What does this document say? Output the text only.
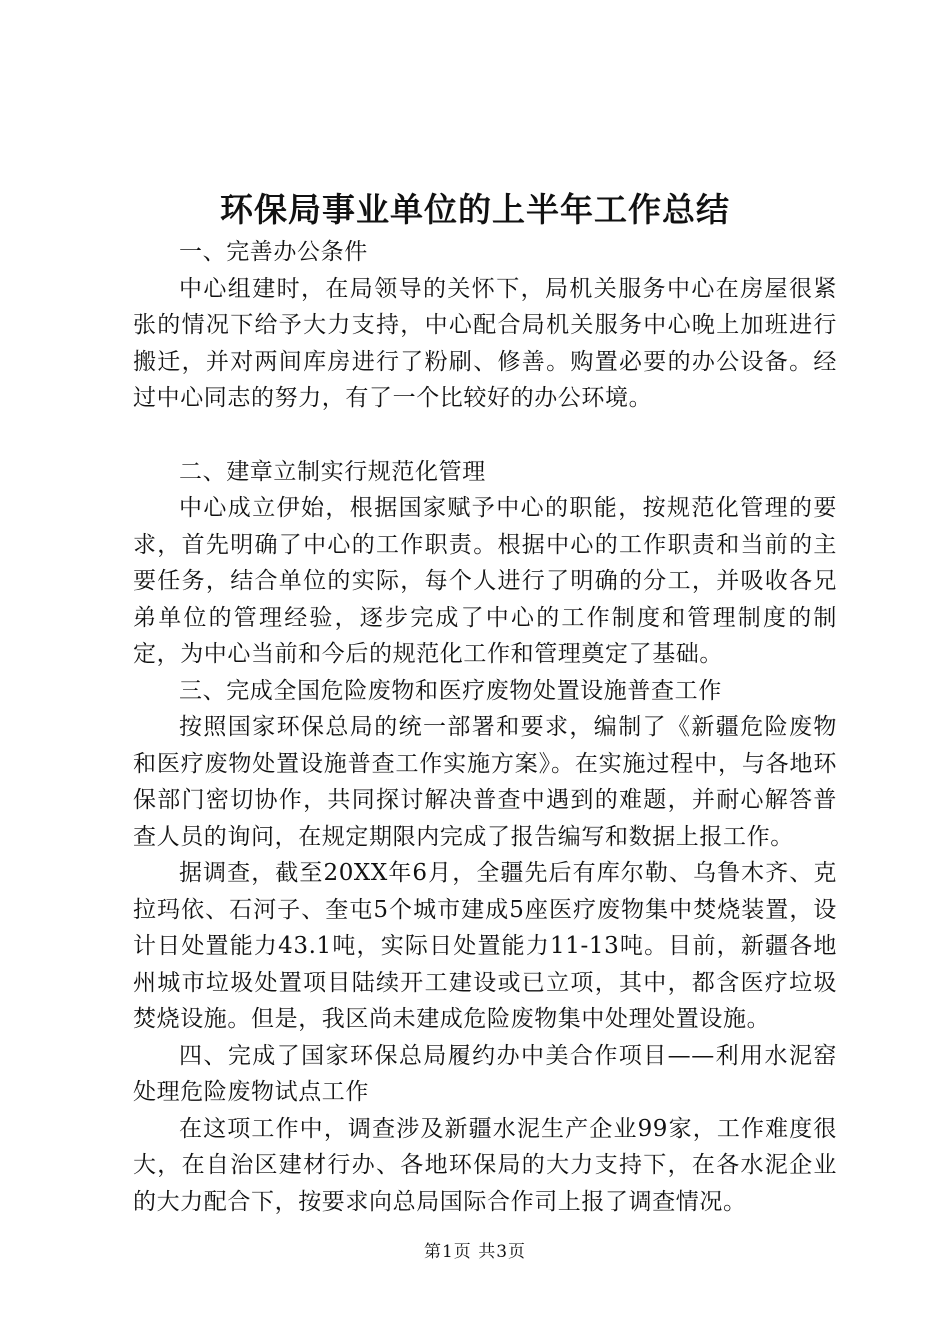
环保局事业单位的上半年工作总结

一、完善办公条件

中心组建时，在局领导的关怀下，局机关服务中心在房屋很紧张的情况下给予大力支持，中心配合局机关服务中心晚上加班进行搬迁，并对两间库房进行了粉刷、修善。购置必要的办公设备。经过中心同志的努力，有了一个比较好的办公环境。

二、建章立制实行规范化管理

中心成立伊始，根据国家赋予中心的职能，按规范化管理的要求，首先明确了中心的工作职责。根据中心的工作职责和当前的主要任务，结合单位的实际，每个人进行了明确的分工，并吸收各兄弟单位的管理经验，逐步完成了中心的工作制度和管理制度的制定，为中心当前和今后的规范化工作和管理奠定了基础。

三、完成全国危险废物和医疗废物处置设施普查工作

按照国家环保总局的统一部署和要求，编制了《新疆危险废物和医疗废物处置设施普查工作实施方案》。在实施过程中，与各地环保部门密切协作，共同探讨解决普查中遇到的难题，并耐心解答普查人员的询问，在规定期限内完成了报告编写和数据上报工作。

据调查，截至20XX年6月，全疆先后有库尔勒、乌鲁木齐、克拉玛依、石河子、奎屯5个城市建成5座医疗废物集中焚烧装置，设计日处置能力43.1吨，实际日处置能力11-13吨。目前，新疆各地州城市垃圾处置项目陆续开工建设或已立项，其中，都含医疗垃圾焚烧设施。但是，我区尚未建成危险废物集中处理处置设施。

四、完成了国家环保总局履约办中美合作项目——利用水泥窑处理危险废物试点工作

在这项工作中，调查涉及新疆水泥生产企业99家，工作难度很大，在自治区建材行办、各地环保局的大力支持下，在各水泥企业的大力配合下，按要求向总局国际合作司上报了调查情况。

第1页 共3页
